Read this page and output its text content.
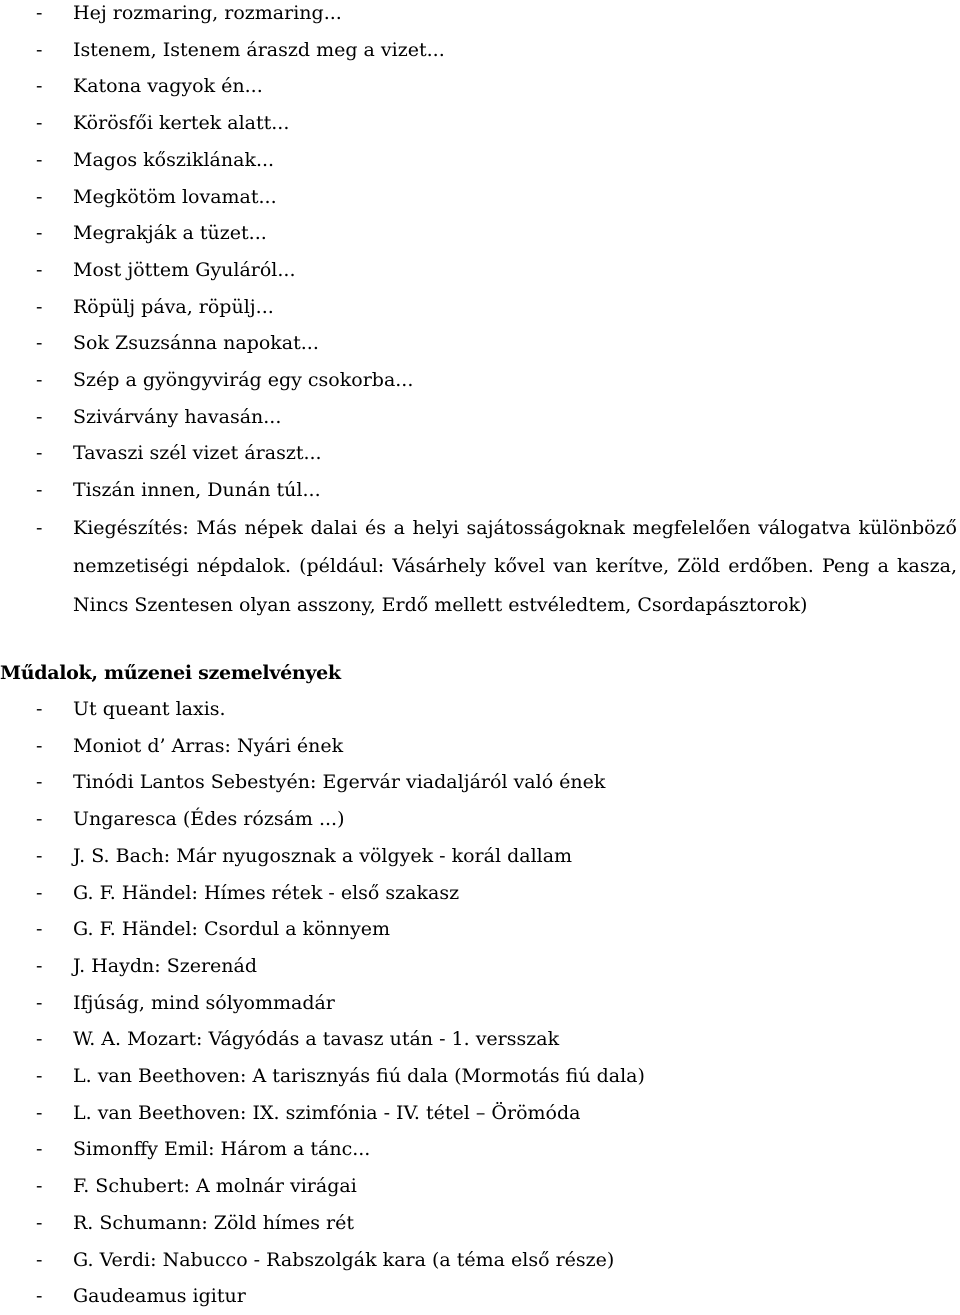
- Hej rozmaring, rozmaring...
- Istenem, Istenem áraszd meg a vizet...
- Katona vagyok én...
- Körösfői kertek alatt...
- Magos kősziklának...
- Megkötöm lovamat...
- Megrakják a tüzet...
- Most jöttem Gyuláról...
- Röpülj páva, röpülj...
- Sok Zsuzsánna napokat...
- Szép a gyöngyvirág egy csokorba...
- Szivárvány havasán...
- Tavaszi szél vizet áraszt...
- Tiszán innen, Dunán túl...
- Kiegészítés: Más népek dalai és a helyi sajátosságoknak megfelelően válogatva különböző nemzetiségi népdalok. (például: Vásárhely kővel van kerítve, Zöld erdőben. Peng a kasza, Nincs Szentesen olyan asszony, Erdő mellett estvéledtem, Csordapásztorok)
Műdalok, műzenei szemelvények
- Ut queant laxis.
- Moniot d’ Arras: Nyári ének
- Tinódi Lantos Sebestyén: Egervár viadaljáról való ének
- Ungaresca (Édes rózsám ...)
- J. S. Bach: Már nyugosznak a völgyek - korál dallam
- G. F. Händel: Hímes rétek - első szakasz
- G. F. Händel: Csordul a könnyem
- J. Haydn: Szerenád
- Ifjúság, mind sólyommadár
- W. A. Mozart: Vágyódás a tavasz után - 1. versszak
- L. van Beethoven: A tarisznyás fiú dala (Mormotás fiú dala)
- L. van Beethoven: IX. szimfónia - IV. tétel – Örömóda
- Simonffy Emil: Három a tánc...
- F. Schubert: A molnár virágai
- R. Schumann: Zöld hímes rét
- G. Verdi: Nabucco - Rabszolgák kara (a téma első része)
- Gaudeamus igitur
